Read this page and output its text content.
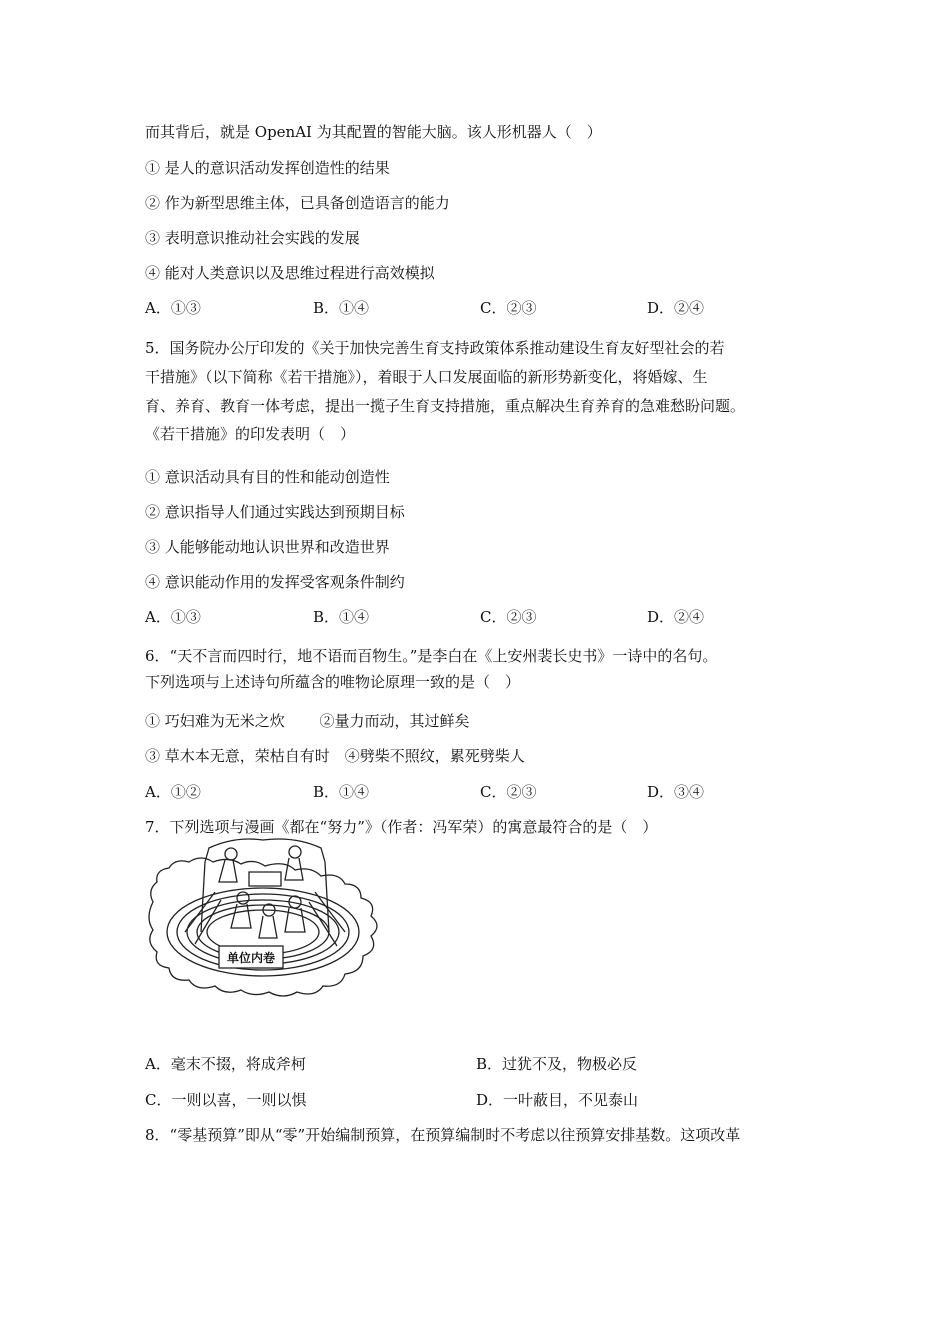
而其背后，就是 OpenAI 为其配置的智能大脑。该人形机器人（　）
① 是人的意识活动发挥创造性的结果
② 作为新型思维主体，已具备创造语言的能力
③ 表明意识推动社会实践的发展
④ 能对人类意识以及思维过程进行高效模拟
A．①③	B．①④	C．②③	D．②④
5．国务院办公厅印发的《关于加快完善生育支持政策体系推动建设生育友好型社会的若
干措施》（以下简称《若干措施》），着眼于人口发展面临的新形势新变化，将婚嫁、生
育、养育、教育一体考虑，提出一揽子生育支持措施，重点解决生育养育的急难愁盼问题。
《若干措施》的印发表明（　）
① 意识活动具有目的性和能动创造性
② 意识指导人们通过实践达到预期目标
③ 人能够能动地认识世界和改造世界
④ 意识能动作用的发挥受客观条件制约
A．①③	B．①④	C．②③	D．②④
6．“天不言而四时行，地不语而百物生。”是李白在《上安州裴长史书》一诗中的名句。
下列选项与上述诗句所蕴含的唯物论原理一致的是（　）
① 巧妇难为无米之炊　　 ②量力而动，其过鲜矣
③ 草木本无意，荣枯自有时　④劈柴不照纹，累死劈柴人
A．①②	B．①④	C．②③	D．③④
7．下列选项与漫画《都在“努力”》（作者：冯军荣）的寓意最符合的是（　）
单位内卷
A．毫末不掇，将成斧柯	B．过犹不及，物极必反
C．一则以喜，一则以惧	D．一叶蔽目，不见泰山
8．“零基预算”即从“零”开始编制预算，在预算编制时不考虑以往预算安排基数。这项改革
